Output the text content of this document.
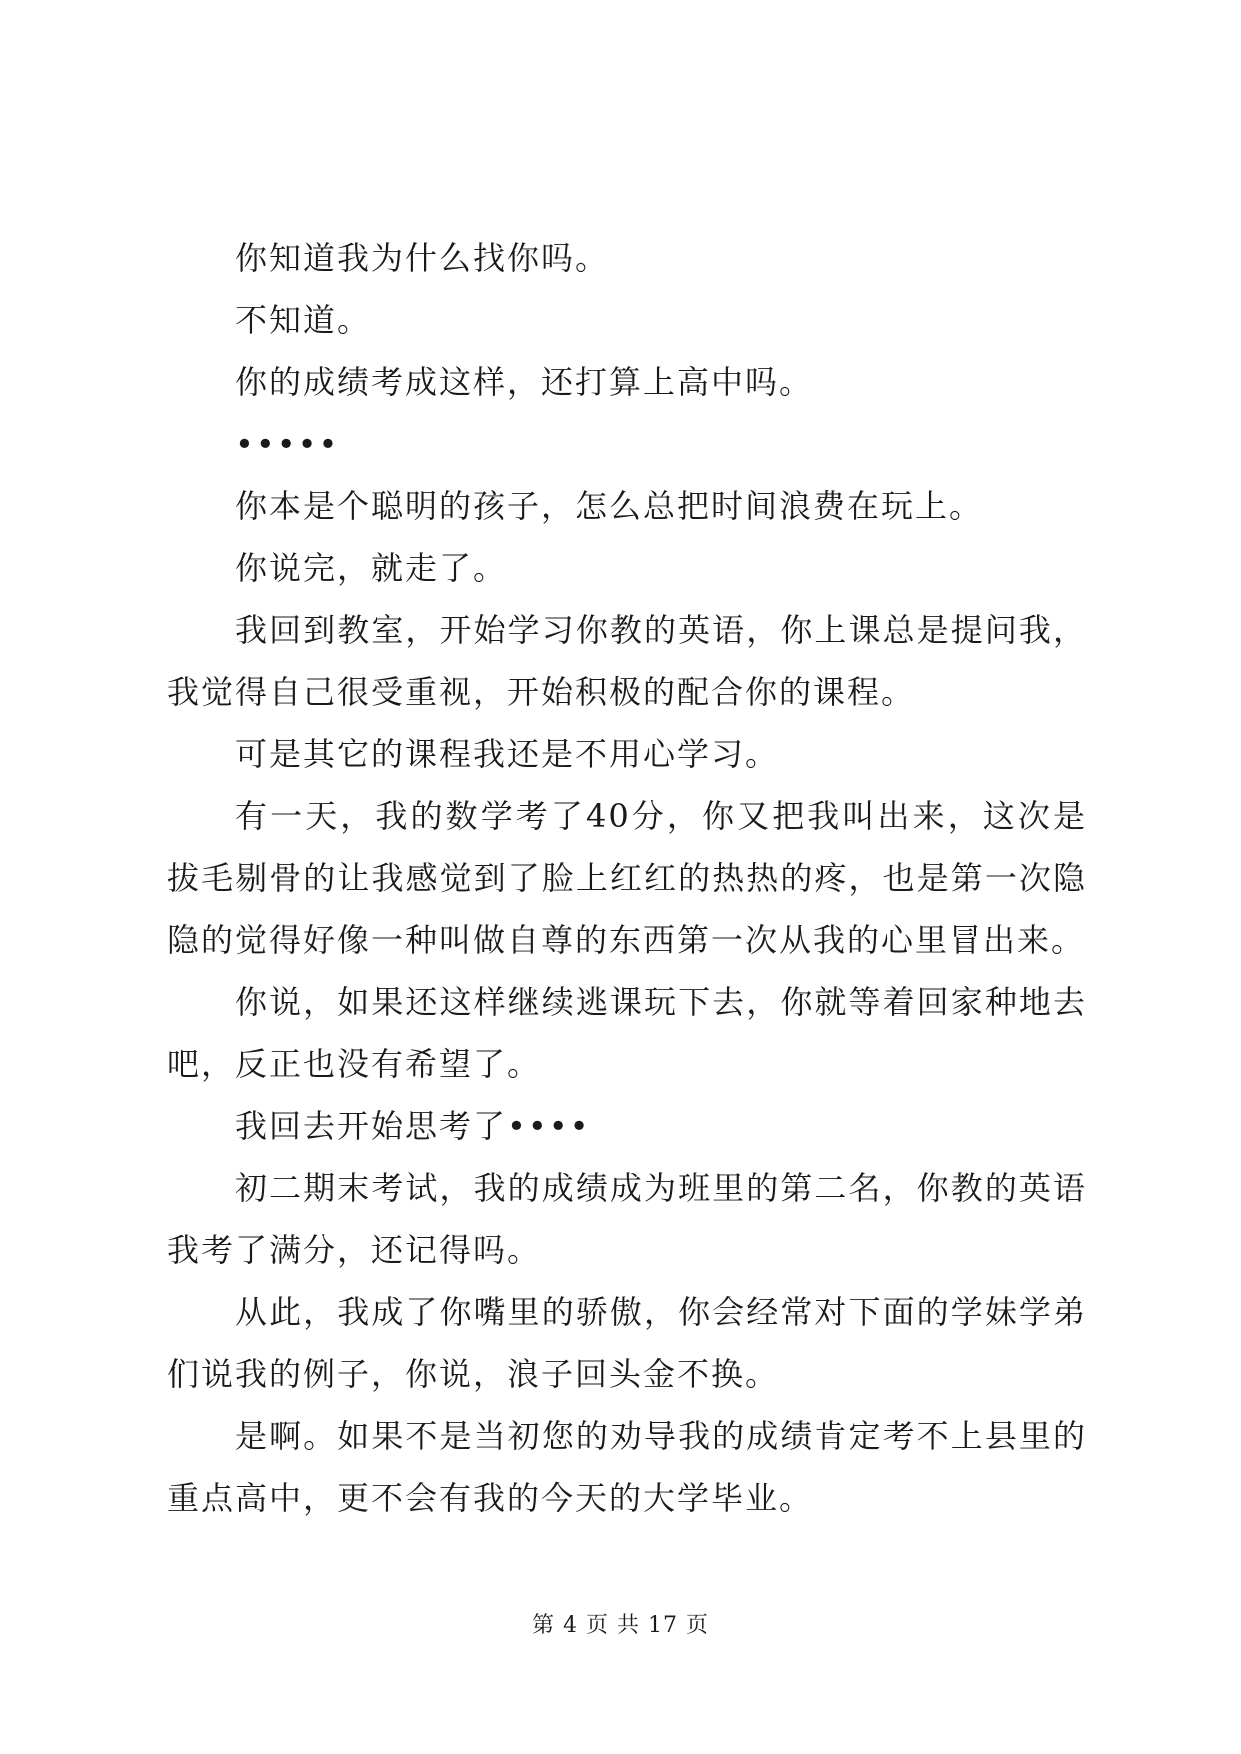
你知道我为什么找你吗。

不知道。

你的成绩考成这样，还打算上高中吗。

•••••

你本是个聪明的孩子，怎么总把时间浪费在玩上。

你说完，就走了。

我回到教室，开始学习你教的英语，你上课总是提问我，我觉得自己很受重视，开始积极的配合你的课程。

可是其它的课程我还是不用心学习。

有一天，我的数学考了40分，你又把我叫出来，这次是拔毛剔骨的让我感觉到了脸上红红的热热的疼，也是第一次隐隐的觉得好像一种叫做自尊的东西第一次从我的心里冒出来。

你说，如果还这样继续逃课玩下去，你就等着回家种地去吧，反正也没有希望了。

我回去开始思考了••••

初二期末考试，我的成绩成为班里的第二名，你教的英语我考了满分，还记得吗。

从此，我成了你嘴里的骄傲，你会经常对下面的学妹学弟们说我的例子，你说，浪子回头金不换。

是啊。如果不是当初您的劝导我的成绩肯定考不上县里的重点高中，更不会有我的今天的大学毕业。

第 4 页 共 17 页
